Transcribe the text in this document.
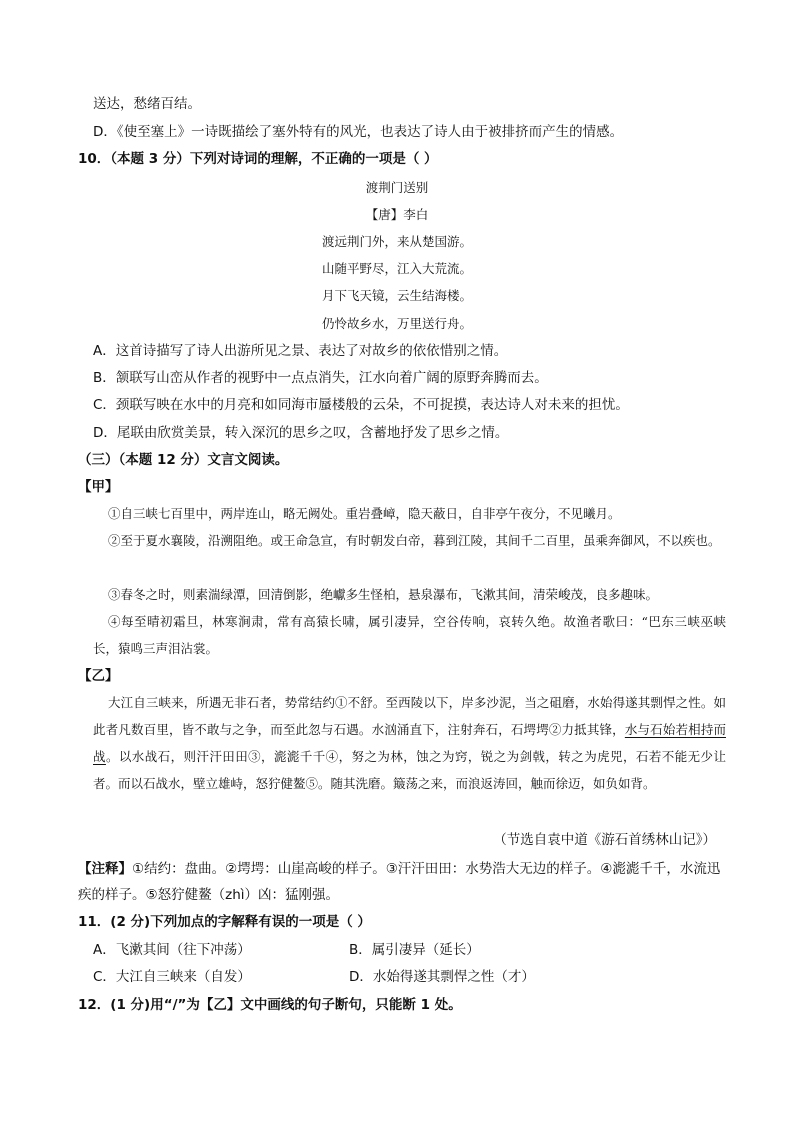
送达，愁绪百结。
D．《使至塞上》一诗既描绘了塞外特有的风光，也表达了诗人由于被排挤而产生的情感。
10．（本题 3 分）下列对诗词的理解，不正确的一项是（ ）
渡荆门送别
【唐】李白
渡远荆门外，来从楚国游。
山随平野尽，江入大荒流。
月下飞天镜，云生结海楼。
仍怜故乡水，万里送行舟。
A．这首诗描写了诗人出游所见之景、表达了对故乡的依依惜别之情。
B．颔联写山峦从作者的视野中一点点消失，江水向着广阔的原野奔腾而去。
C．颈联写映在水中的月亮和如同海市蜃楼般的云朵，不可捉摸，表达诗人对未来的担忧。
D．尾联由欣赏美景，转入深沉的思乡之叹，含蓄地抒发了思乡之情。
（三）（本题 12 分）文言文阅读。
【甲】
①自三峡七百里中，两岸连山，略无阙处。重岩叠嶂，隐天蔽日，自非亭午夜分，不见曦月。
②至于夏水襄陵，沿溯阻绝。或王命急宣，有时朝发白帝，暮到江陵，其间千二百里，虽乘奔御风，不以疾也。
③春冬之时，则素湍绿潭，回清倒影，绝巘多生怪柏，悬泉瀑布，飞漱其间，清荣峻茂，良多趣味。
④每至晴初霜旦，林寒涧肃，常有高猿长啸，属引凄异，空谷传响，哀转久绝。故渔者歌曰：“巴东三峡巫峡长，猿鸣三声泪沾裳。
【乙】
大江自三峡来，所遇无非石者，势常结约①不舒。至西陵以下，岸多沙泥，当之砠磨，水始得遂其剽悍之性。如此者凡数百里，皆不敢与之争，而至此忽与石遇。水汹涌直下，注射奔石，石堮堮②力抵其锋，水与石始若相持而战。以水战石，则汗汗田田③，滮滮千千④，努之为林，蚀之为窍，锐之为剑戟，转之为虎兕，石若不能无少让者。而以石战水，壁立雄峙，怒狞健鳌⑤。随其洗磨。簸荡之来，而浪返涛回，触而徐迈，如负如背。
（节选自袁中道《游石首绣林山记》）
【注释】①结约：盘曲。②堮堮：山崖高峻的样子。③汗汗田田：水势浩大无边的样子。④滮滮千千，水流迅疾的样子。⑤怒狞健鳌（zhì）凶：猛刚强。
11．(2 分)下列加点的字解释有误的一项是（ ）
A．飞漱其间（往下冲荡）	B．属引凄异（延长）
C．大江自三峡来（自发）	D．水始得遂其剽悍之性（才）
12．(1 分)用“/”为【乙】文中画线的句子断句，只能断 1 处。
